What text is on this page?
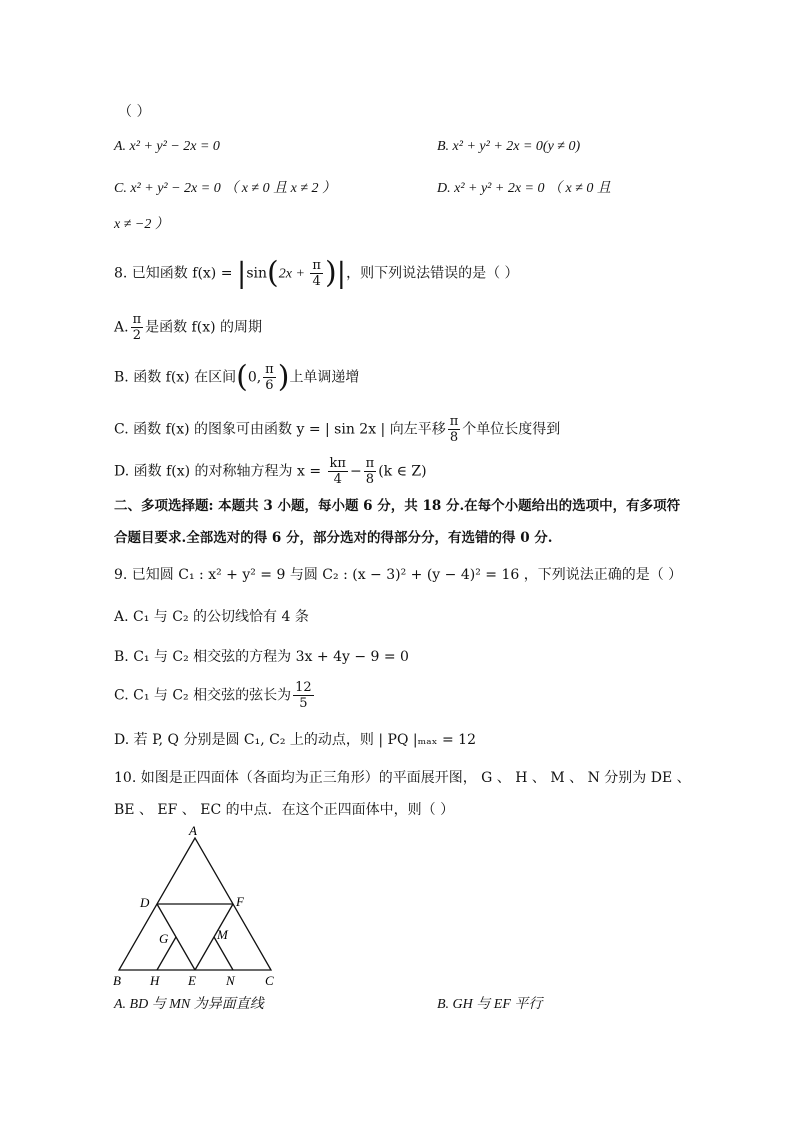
（ ）
A. x² + y² − 2x = 0	B. x² + y² + 2x = 0(y ≠ 0)
C. x² + y² − 2x = 0 （ x ≠ 0 且 x ≠ 2 ）	D. x² + y² + 2x = 0 （ x ≠ 0 且
x ≠ −2 ）
8. 已知函数 $f(x) = |\sin(2x + \frac{\pi}{4}$ )|，则下列说法错误的是（ ）
A. $\frac{\pi}{2}$ 是函数 f(x) 的周期
B. 函数 f(x) 在区间(0, $\frac{\pi}{6}$ )上单调递增
C. 函数 f(x) 的图象可由函数 y = | sin 2x | 向左平移 $\frac{\pi}{8}$ 个单位长度得到
D. 函数 f(x) 的对称轴方程为 $x = \frac{k\pi}{4} - \frac{\pi}{8} (k$ ∈ Z)
二、多项选择题: 本题共 3 小题，每小题 6 分，共 18 分.在每个小题给出的选项中，有多项符
合题目要求.全部选对的得 6 分，部分选对的得部分分，有选错的得 0 分.
9. 已知圆 C₁ : x² + y² = 9 与圆 C₂ : (x − 3)² + (y − 4)² = 16 ，下列说法正确的是（ ）
A. C₁ 与 C₂ 的公切线恰有 4 条
B. C₁ 与 C₂ 相交弦的方程为 3x + 4y − 9 = 0
C. C₁ 与 C₂ 相交弦的弦长为 $\frac{12}{5}$
D. 若 P, Q 分别是圆 C₁, C₂ 上的动点，则 | PQ |ₘₐₓ = 12
10. 如图是正四面体（各面均为正三角形）的平面展开图， G 、 H 、 M 、 N 分别为 DE 、
BE 、 EF 、 EC 的中点．在这个正四面体中，则（ ）
A
D	F
G	M
B H E N C
A. BD 与 MN 为异面直线	B. GH 与 EF 平行
